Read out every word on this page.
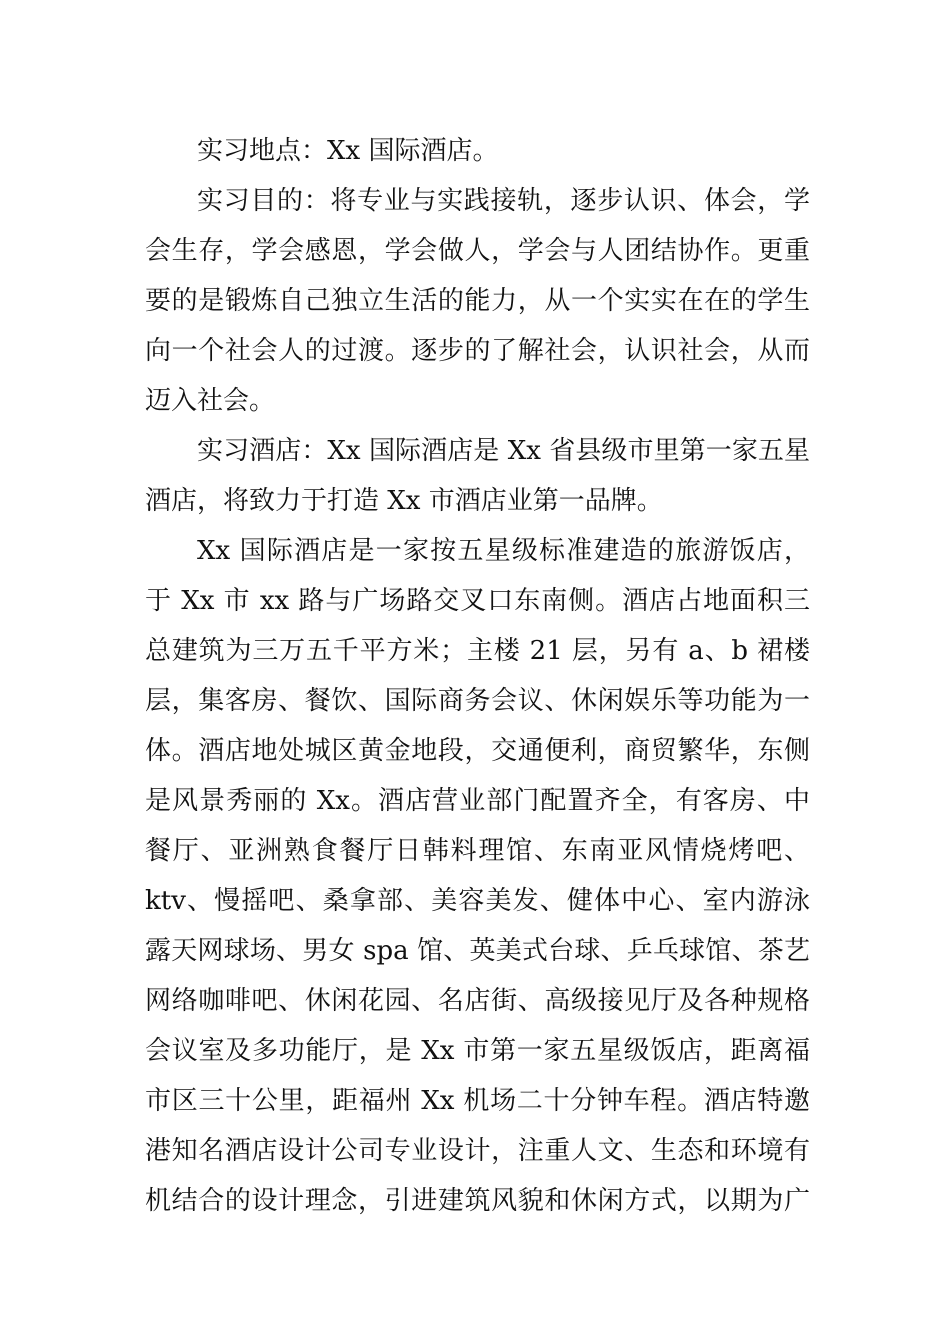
实习地点：Xx 国际酒店。
实习目的：将专业与实践接轨，逐步认识、体会，学
会生存，学会感恩，学会做人，学会与人团结协作。更重
要的是锻炼自己独立生活的能力，从一个实实在在的学生
向一个社会人的过渡。逐步的了解社会，认识社会，从而
迈入社会。
实习酒店：Xx 国际酒店是 Xx 省县级市里第一家五星
酒店，将致力于打造 Xx 市酒店业第一品牌。
Xx 国际酒店是一家按五星级标准建造的旅游饭店，
于 Xx 市 xx 路与广场路交叉口东南侧。酒店占地面积三
总建筑为三万五千平方米；主楼 21 层，另有 a、b 裙楼
层，集客房、餐饮、国际商务会议、休闲娱乐等功能为一
体。酒店地处城区黄金地段，交通便利，商贸繁华，东侧
是风景秀丽的 Xx。酒店营业部门配置齐全，有客房、中
餐厅、亚洲熟食餐厅日韩料理馆、东南亚风情烧烤吧、
ktv、慢摇吧、桑拿部、美容美发、健体中心、室内游泳
露天网球场、男女 spa 馆、英美式台球、乒乓球馆、茶艺
网络咖啡吧、休闲花园、名店街、高级接见厅及各种规格
会议室及多功能厅，是 Xx 市第一家五星级饭店，距离福
市区三十公里，距福州 Xx 机场二十分钟车程。酒店特邀
港知名酒店设计公司专业设计，注重人文、生态和环境有
机结合的设计理念，引进建筑风貌和休闲方式，以期为广
